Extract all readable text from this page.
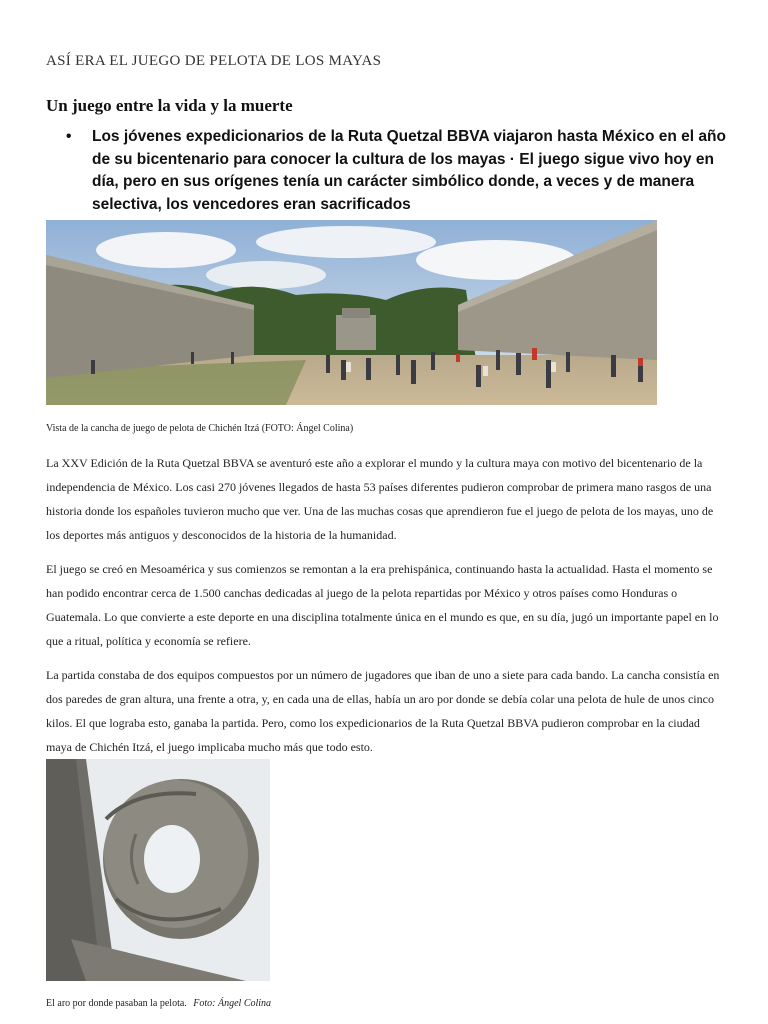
ASÍ ERA EL JUEGO DE PELOTA DE LOS MAYAS
Un juego entre la vida y la muerte
• Los jóvenes expedicionarios de la Ruta Quetzal BBVA viajaron hasta México en el año de su bicentenario para conocer la cultura de los mayas · El juego sigue vivo hoy en día, pero en sus orígenes tenía un carácter simbólico donde, a veces y de manera selectiva, los vencedores eran sacrificados
Vista de la cancha de juego de pelota de Chichén Itzá (FOTO: Ángel Colina)
La XXV Edición de la Ruta Quetzal BBVA se aventuró este año a explorar el mundo y la cultura maya con motivo del bicentenario de la independencia de México. Los casi 270 jóvenes llegados de hasta 53 países diferentes pudieron comprobar de primera mano rasgos de una historia donde los españoles tuvieron mucho que ver. Una de las muchas cosas que aprendieron fue el juego de pelota de los mayas, uno de los deportes más antiguos y desconocidos de la historia de la humanidad.
El juego se creó en Mesoamérica y sus comienzos se remontan a la era prehispánica, continuando hasta la actualidad. Hasta el momento se han podido encontrar cerca de 1.500 canchas dedicadas al juego de la pelota repartidas por México y otros países como Honduras o Guatemala. Lo que convierte a este deporte en una disciplina totalmente única en el mundo es que, en su día, jugó un importante papel en lo que a ritual, política y economía se refiere.
La partida constaba de dos equipos compuestos por un número de jugadores que iban de uno a siete para cada bando. La cancha consistía en dos paredes de gran altura, una frente a otra, y, en cada una de ellas, había un aro por donde se debía colar una pelota de hule de unos cinco kilos. El que lograba esto, ganaba la partida. Pero, como los expedicionarios de la Ruta Quetzal BBVA pudieron comprobar en la ciudad maya de Chichén Itzá, el juego implicaba mucho más que todo esto.
El aro por donde pasaban la pelota. Foto: Ángel Colina
